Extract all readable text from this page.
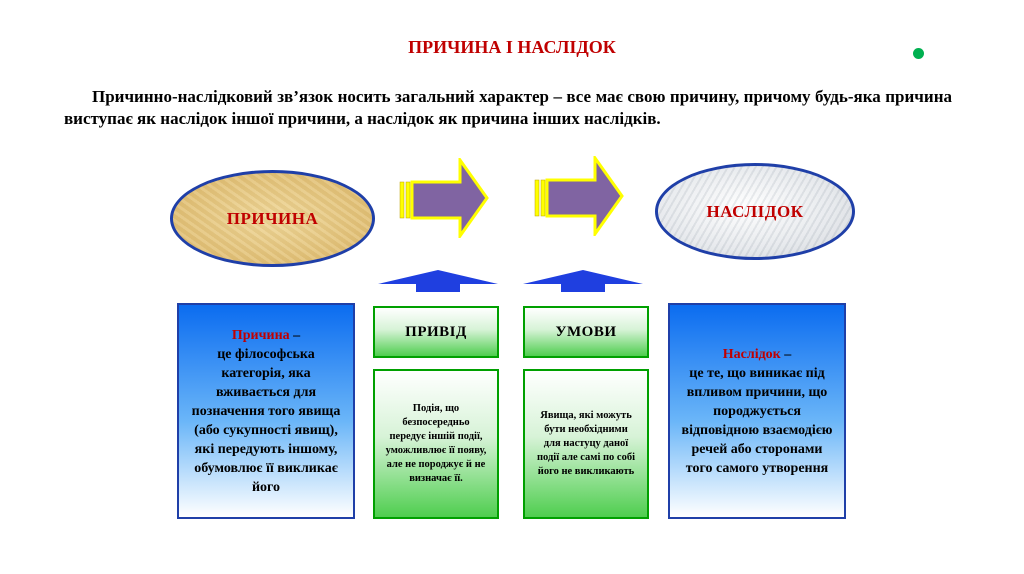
ПРИЧИНА І НАСЛІДОК
Причинно-наслідковий зв’язок носить загальний характер – все має свою причину, причому будь-яка причина виступає як наслідок іншої причини, а наслідок як причина інших наслідків.
ПРИЧИНА	НАСЛІДОК
Причина –
це філософська категорія, яка вживається для позначення того явища (або сукупності явищ), які передують іншому, обумовлює її викликає його
ПРИВІД
Подія, що безпосередньо передує іншій події, уможливлює її появу, але не породжує й не визначає її.
УМОВИ
Явища, які можуть бути необхідними для настуцу даної події але самі по собі його не викликають
Наслідок –
це те, що виникає під впливом причини, що породжується відповідною взаємодією речей або сторонами того самого утворення
